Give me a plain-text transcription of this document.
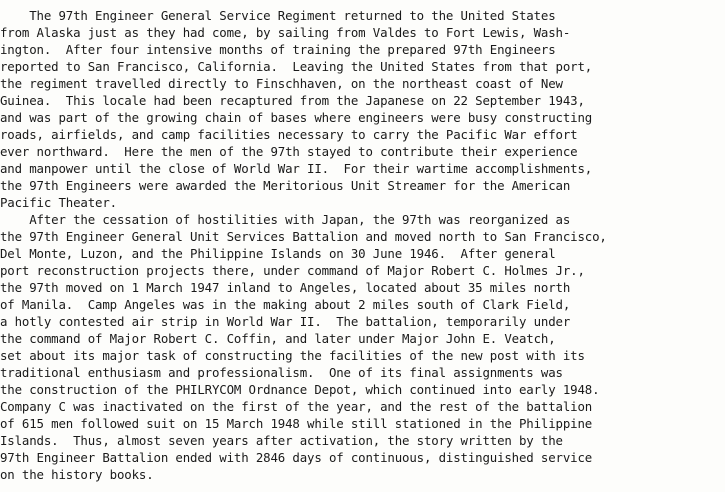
The 97th Engineer General Service Regiment returned to the United States
from Alaska just as they had come, by sailing from Valdes to Fort Lewis, Wash-
ington.  After four intensive months of training the prepared 97th Engineers
reported to San Francisco, California.  Leaving the United States from that port,
the regiment travelled directly to Finschhaven, on the northeast coast of New
Guinea.  This locale had been recaptured from the Japanese on 22 September 1943,
and was part of the growing chain of bases where engineers were busy constructing
roads, airfields, and camp facilities necessary to carry the Pacific War effort
ever northward.  Here the men of the 97th stayed to contribute their experience
and manpower until the close of World War II.  For their wartime accomplishments,
the 97th Engineers were awarded the Meritorious Unit Streamer for the American
Pacific Theater.
After the cessation of hostilities with Japan, the 97th was reorganized as
the 97th Engineer General Unit Services Battalion and moved north to San Francisco,
Del Monte, Luzon, and the Philippine Islands on 30 June 1946.  After general
port reconstruction projects there, under command of Major Robert C. Holmes Jr.,
the 97th moved on 1 March 1947 inland to Angeles, located about 35 miles north
of Manila.  Camp Angeles was in the making about 2 miles south of Clark Field,
a hotly contested air strip in World War II.  The battalion, temporarily under
the command of Major Robert C. Coffin, and later under Major John E. Veatch,
set about its major task of constructing the facilities of the new post with its
traditional enthusiasm and professionalism.  One of its final assignments was
the construction of the PHILRYCOM Ordnance Depot, which continued into early 1948.
Company C was inactivated on the first of the year, and the rest of the battalion
of 615 men followed suit on 15 March 1948 while still stationed in the Philippine
Islands.  Thus, almost seven years after activation, the story written by the
97th Engineer Battalion ended with 2846 days of continuous, distinguished service
on the history books.
